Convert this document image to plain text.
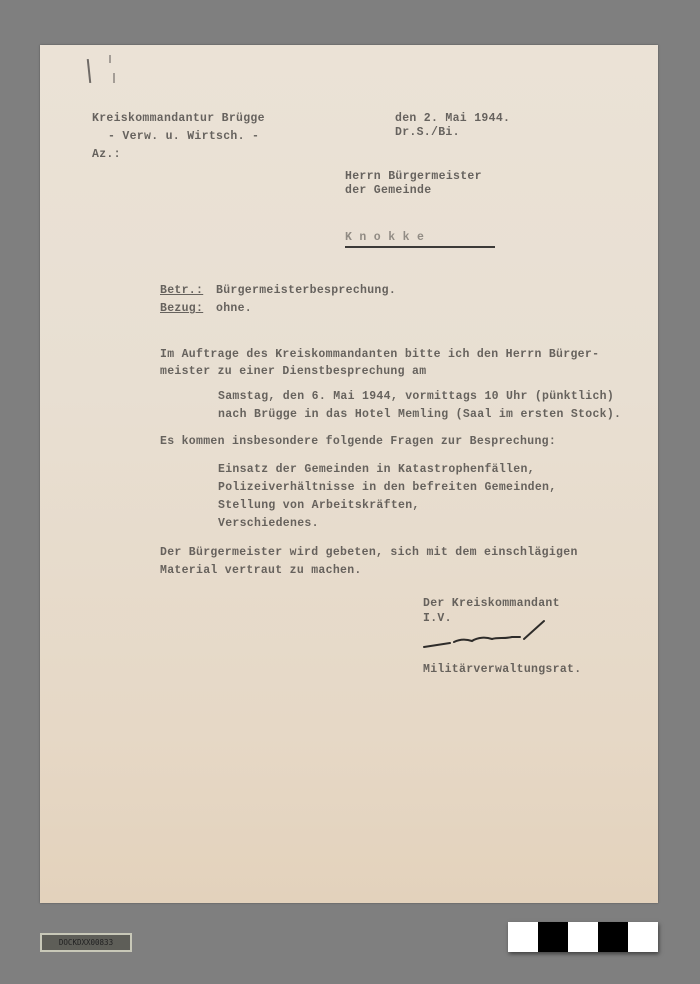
Kreiskommandantur Brügge
- Verw. u. Wirtsch. -
Az.:
den 2. Mai 1944.
Dr.S./Bi.
Herrn Bürgermeister
der Gemeinde
K n o k k e
Betr.: Bürgermeisterbesprechung.
Bezug: ohne.
Im Auftrage des Kreiskommandanten bitte ich den Herrn Bürger-
meister zu einer Dienstbesprechung am
Samstag, den 6. Mai 1944, vormittags 10 Uhr (pünktlich)
nach Brügge in das Hotel Memling (Saal im ersten Stock).
Es kommen insbesondere folgende Fragen zur Besprechung:
Einsatz der Gemeinden in Katastrophenfällen,
Polizeiverhältnisse in den befreiten Gemeinden,
Stellung von Arbeitskräften,
Verschiedenes.
Der Bürgermeister wird gebeten, sich mit dem einschlägigen
Material vertraut zu machen.
Der Kreiskommandant
I.V.
Militärverwaltungsrat.
DOCKDXX00833
